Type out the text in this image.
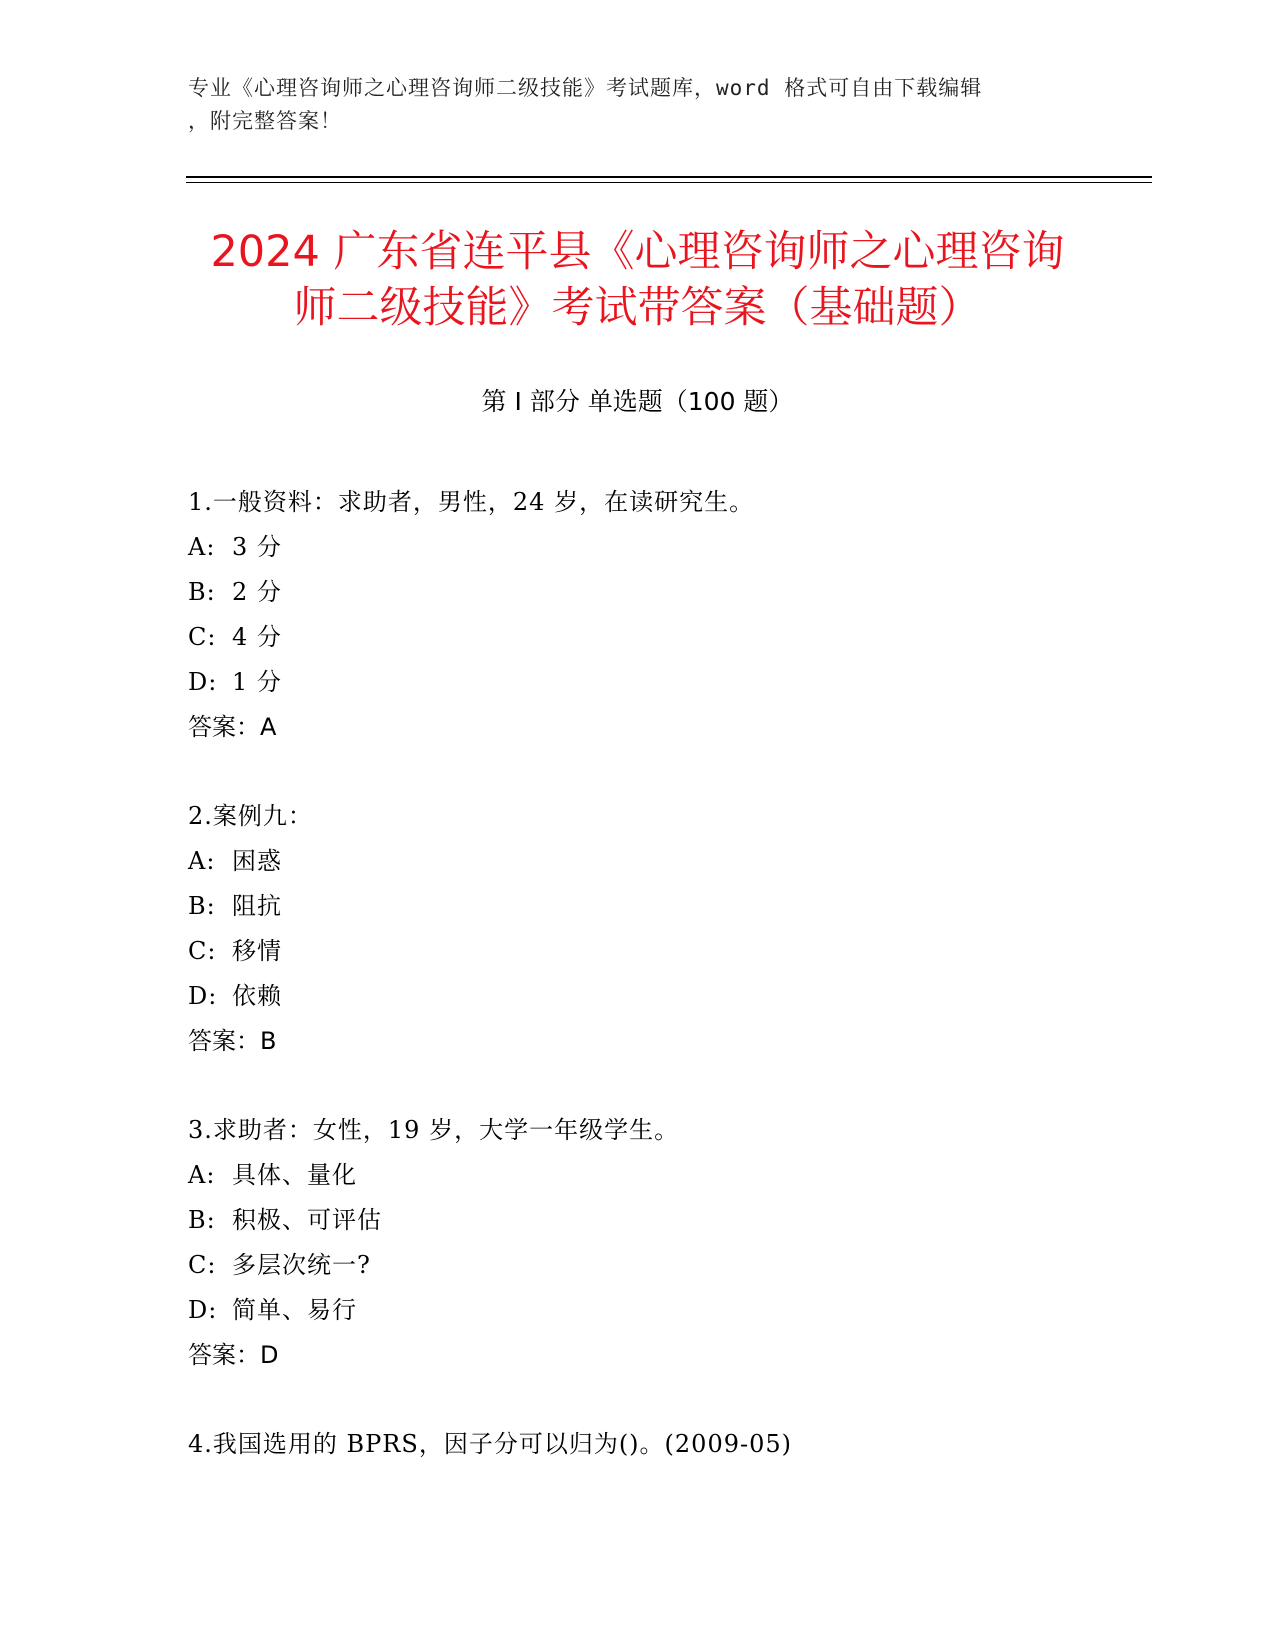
专业《心理咨询师之心理咨询师二级技能》考试题库，word 格式可自由下载编辑
，附完整答案！
2024 广东省连平县《心理咨询师之心理咨询
师二级技能》考试带答案（基础题）
第 I 部分 单选题（100 题）
1.一般资料：求助者，男性，24 岁，在读研究生。
A: 3 分
B: 2 分
C: 4 分
D: 1 分
答案：A
2.案例九：
A: 困惑
B: 阻抗
C: 移情
D: 依赖
答案：B
3.求助者：女性，19 岁，大学一年级学生。
A: 具体、量化
B: 积极、可评估
C: 多层次统一?
D: 简单、易行
答案：D
4.我国选用的 BPRS，因子分可以归为()。(2009-05)
